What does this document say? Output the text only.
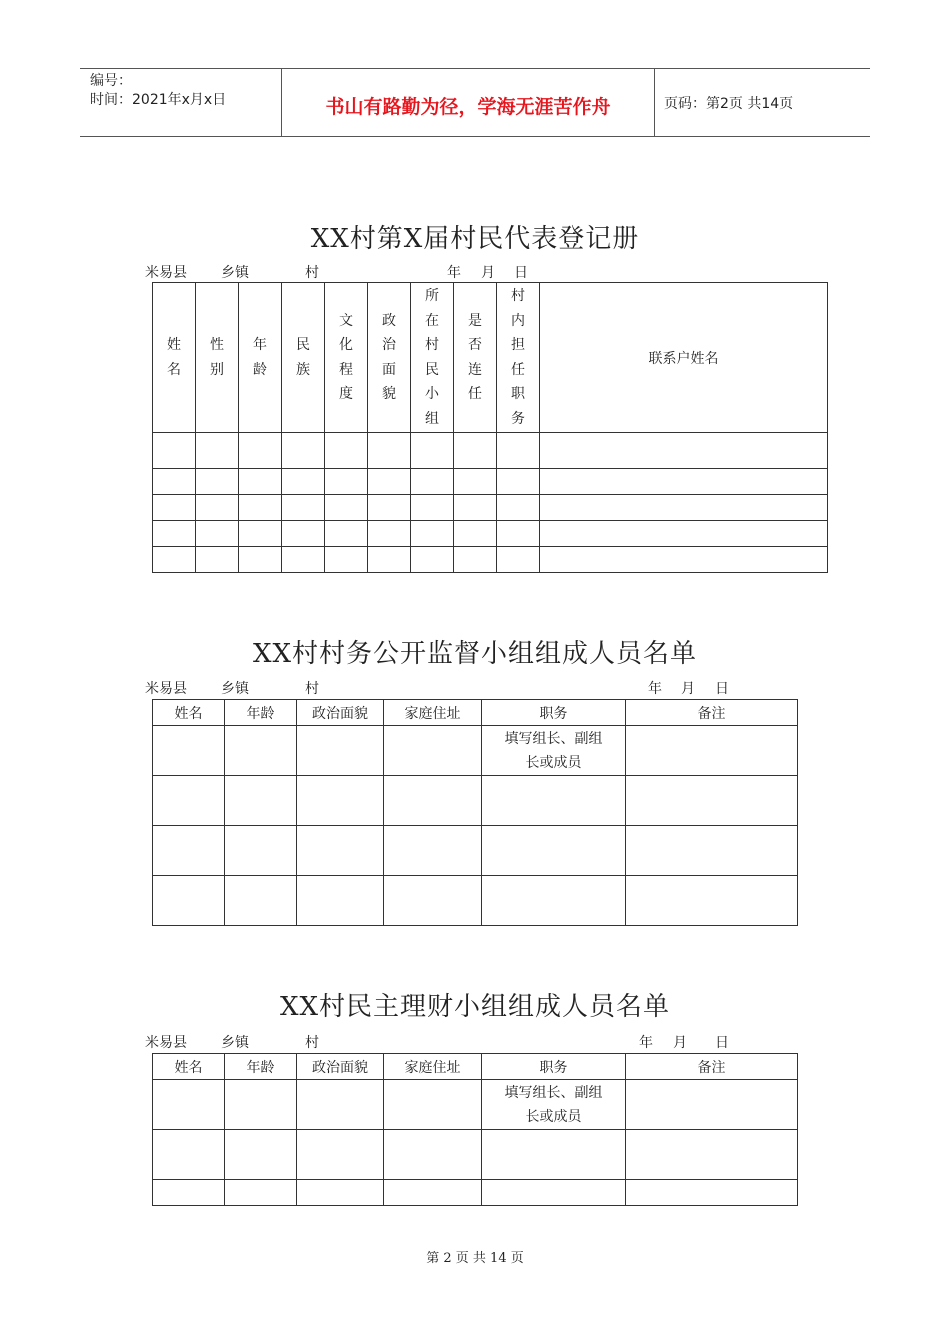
编号：
时间：2021年x月x日	书山有路勤为径，学海无涯苦作舟	页码：第2页 共14页
XX村第X届村民代表登记册
米易县 乡镇	村	年 月 日
姓名	性别	年龄	民族	文化程度	政治面貌	所在村民小组	是否连任	村内担任职务	联系户姓名

XX村村务公开监督小组组成人员名单
米易县 乡镇	村	年 月 日
姓名	年龄	政治面貌	家庭住址	职务	备注

				填写组长、副组长或成员	

XX村民主理财小组组成人员名单
米易县 乡镇	村	年 月 日
姓名	年龄	政治面貌	家庭住址	职务	备注

				填写组长、副组长或成员	

第 2 页 共 14 页
